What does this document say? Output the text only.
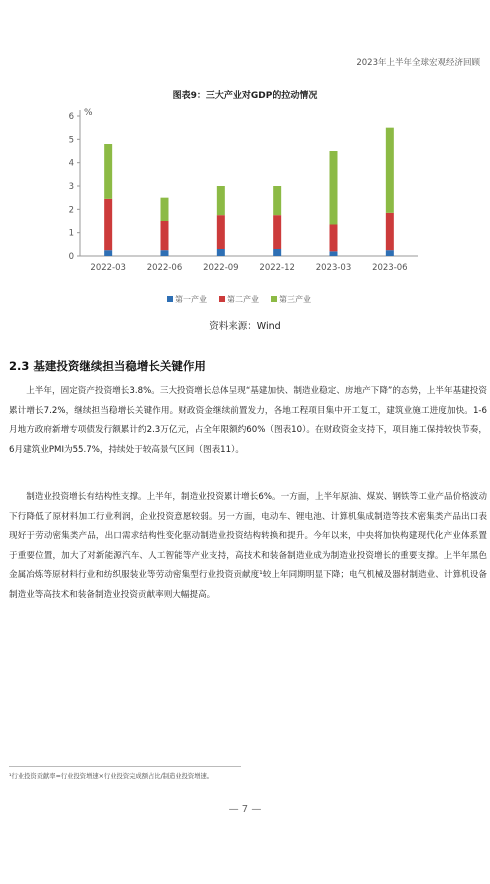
2023年上半年全球宏观经济回顾
图表9：三大产业对GDP的拉动情况
%
0
1
2
3
4
5
6
2022-03 2022-06 2022-09 2022-12 2023-03 2023-06
第一产业	第二产业	第三产业
资料来源：Wind
2.3 基建投资继续担当稳增长关键作用

上半年，固定资产投资增长3.8%。三大投资增长总体呈现“基建加快、制造业稳定、房地产下降”的态势，上半年基建投资累计增长7.2%，继续担当稳增长关键作用。财政资金继续前置发力，各地工程项目集中开工复工，建筑业施工进度加快。1-6月地方政府新增专项债发行额累计约2.3万亿元，占全年限额约60%（图表10）。在财政资金支持下，项目施工保持较快节奏，6月建筑业PMI为55.7%，持续处于较高景气区间（图表11）。

制造业投资增长有结构性支撑。上半年，制造业投资累计增长6%。一方面，上半年原油、煤炭、钢铁等工业产品价格波动下行降低了原材料加工行业利润，企业投资意愿较弱。另一方面，电动车、锂电池、计算机集成制造等技术密集类产品出口表现好于劳动密集类产品，出口需求结构性变化驱动制造业投资结构转换和提升。今年以来，中央将加快构建现代化产业体系置于重要位置，加大了对新能源汽车、人工智能等产业支持，高技术和装备制造业成为制造业投资增长的重要支撑。上半年黑色金属冶炼等原材料行业和纺织服装业等劳动密集型行业投资贡献度¹较上年同期明显下降；电气机械及器材制造业、计算机设备制造业等高技术和装备制造业投资贡献率则大幅提高。

¹行业投资贡献率=行业投资增速×行业投资完成额占比/制造业投资增速。
— 7 —
